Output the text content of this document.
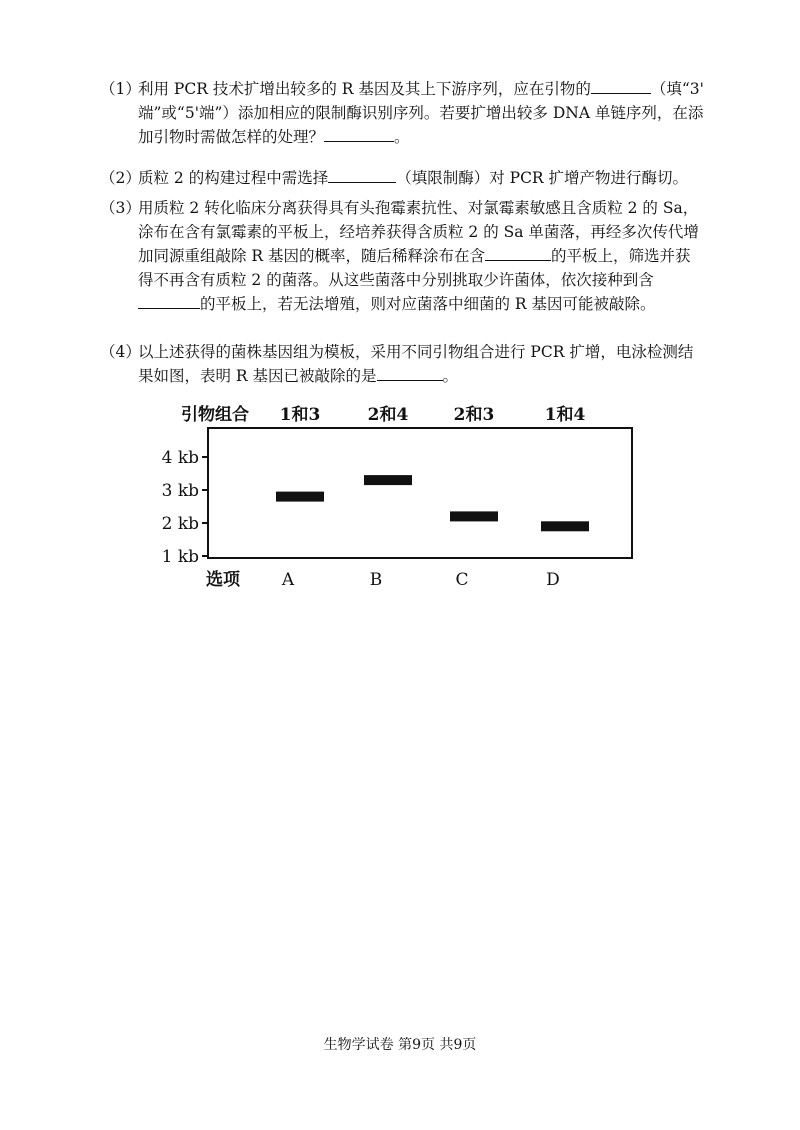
（1）
利用 PCR 技术扩增出较多的 R 基因及其上下游序列，应在引物的	（填“3'
端”或“5'端”）添加相应的限制酶识别序列。若要扩增出较多 DNA 单链序列，在添
加引物时需做怎样的处理？	。
（2）
质粒 2 的构建过程中需选择	（填限制酶）对 PCR 扩增产物进行酶切。
（3）
用质粒 2 转化临床分离获得具有头孢霉素抗性、对氯霉素敏感且含质粒 2 的 Sa，
涂布在含有氯霉素的平板上，经培养获得含质粒 2 的 Sa 单菌落，再经多次传代增
加同源重组敲除 R 基因的概率，随后稀释涂布在含	的平板上，筛选并获
得不再含有质粒 2 的菌落。从这些菌落中分别挑取少许菌体，依次接种到含
的平板上，若无法增殖，则对应菌落中细菌的 R 基因可能被敲除。
（4）
以上述获得的菌株基因组为模板，采用不同引物组合进行 PCR 扩增，电泳检测结
果如图，表明 R 基因已被敲除的是	。
引物组合 1和3	2和4	2和3	1和4
4 kb
3 kb
2 kb
1 kb
选项 A	B	C	D
生物学试卷 第9页 共9页
